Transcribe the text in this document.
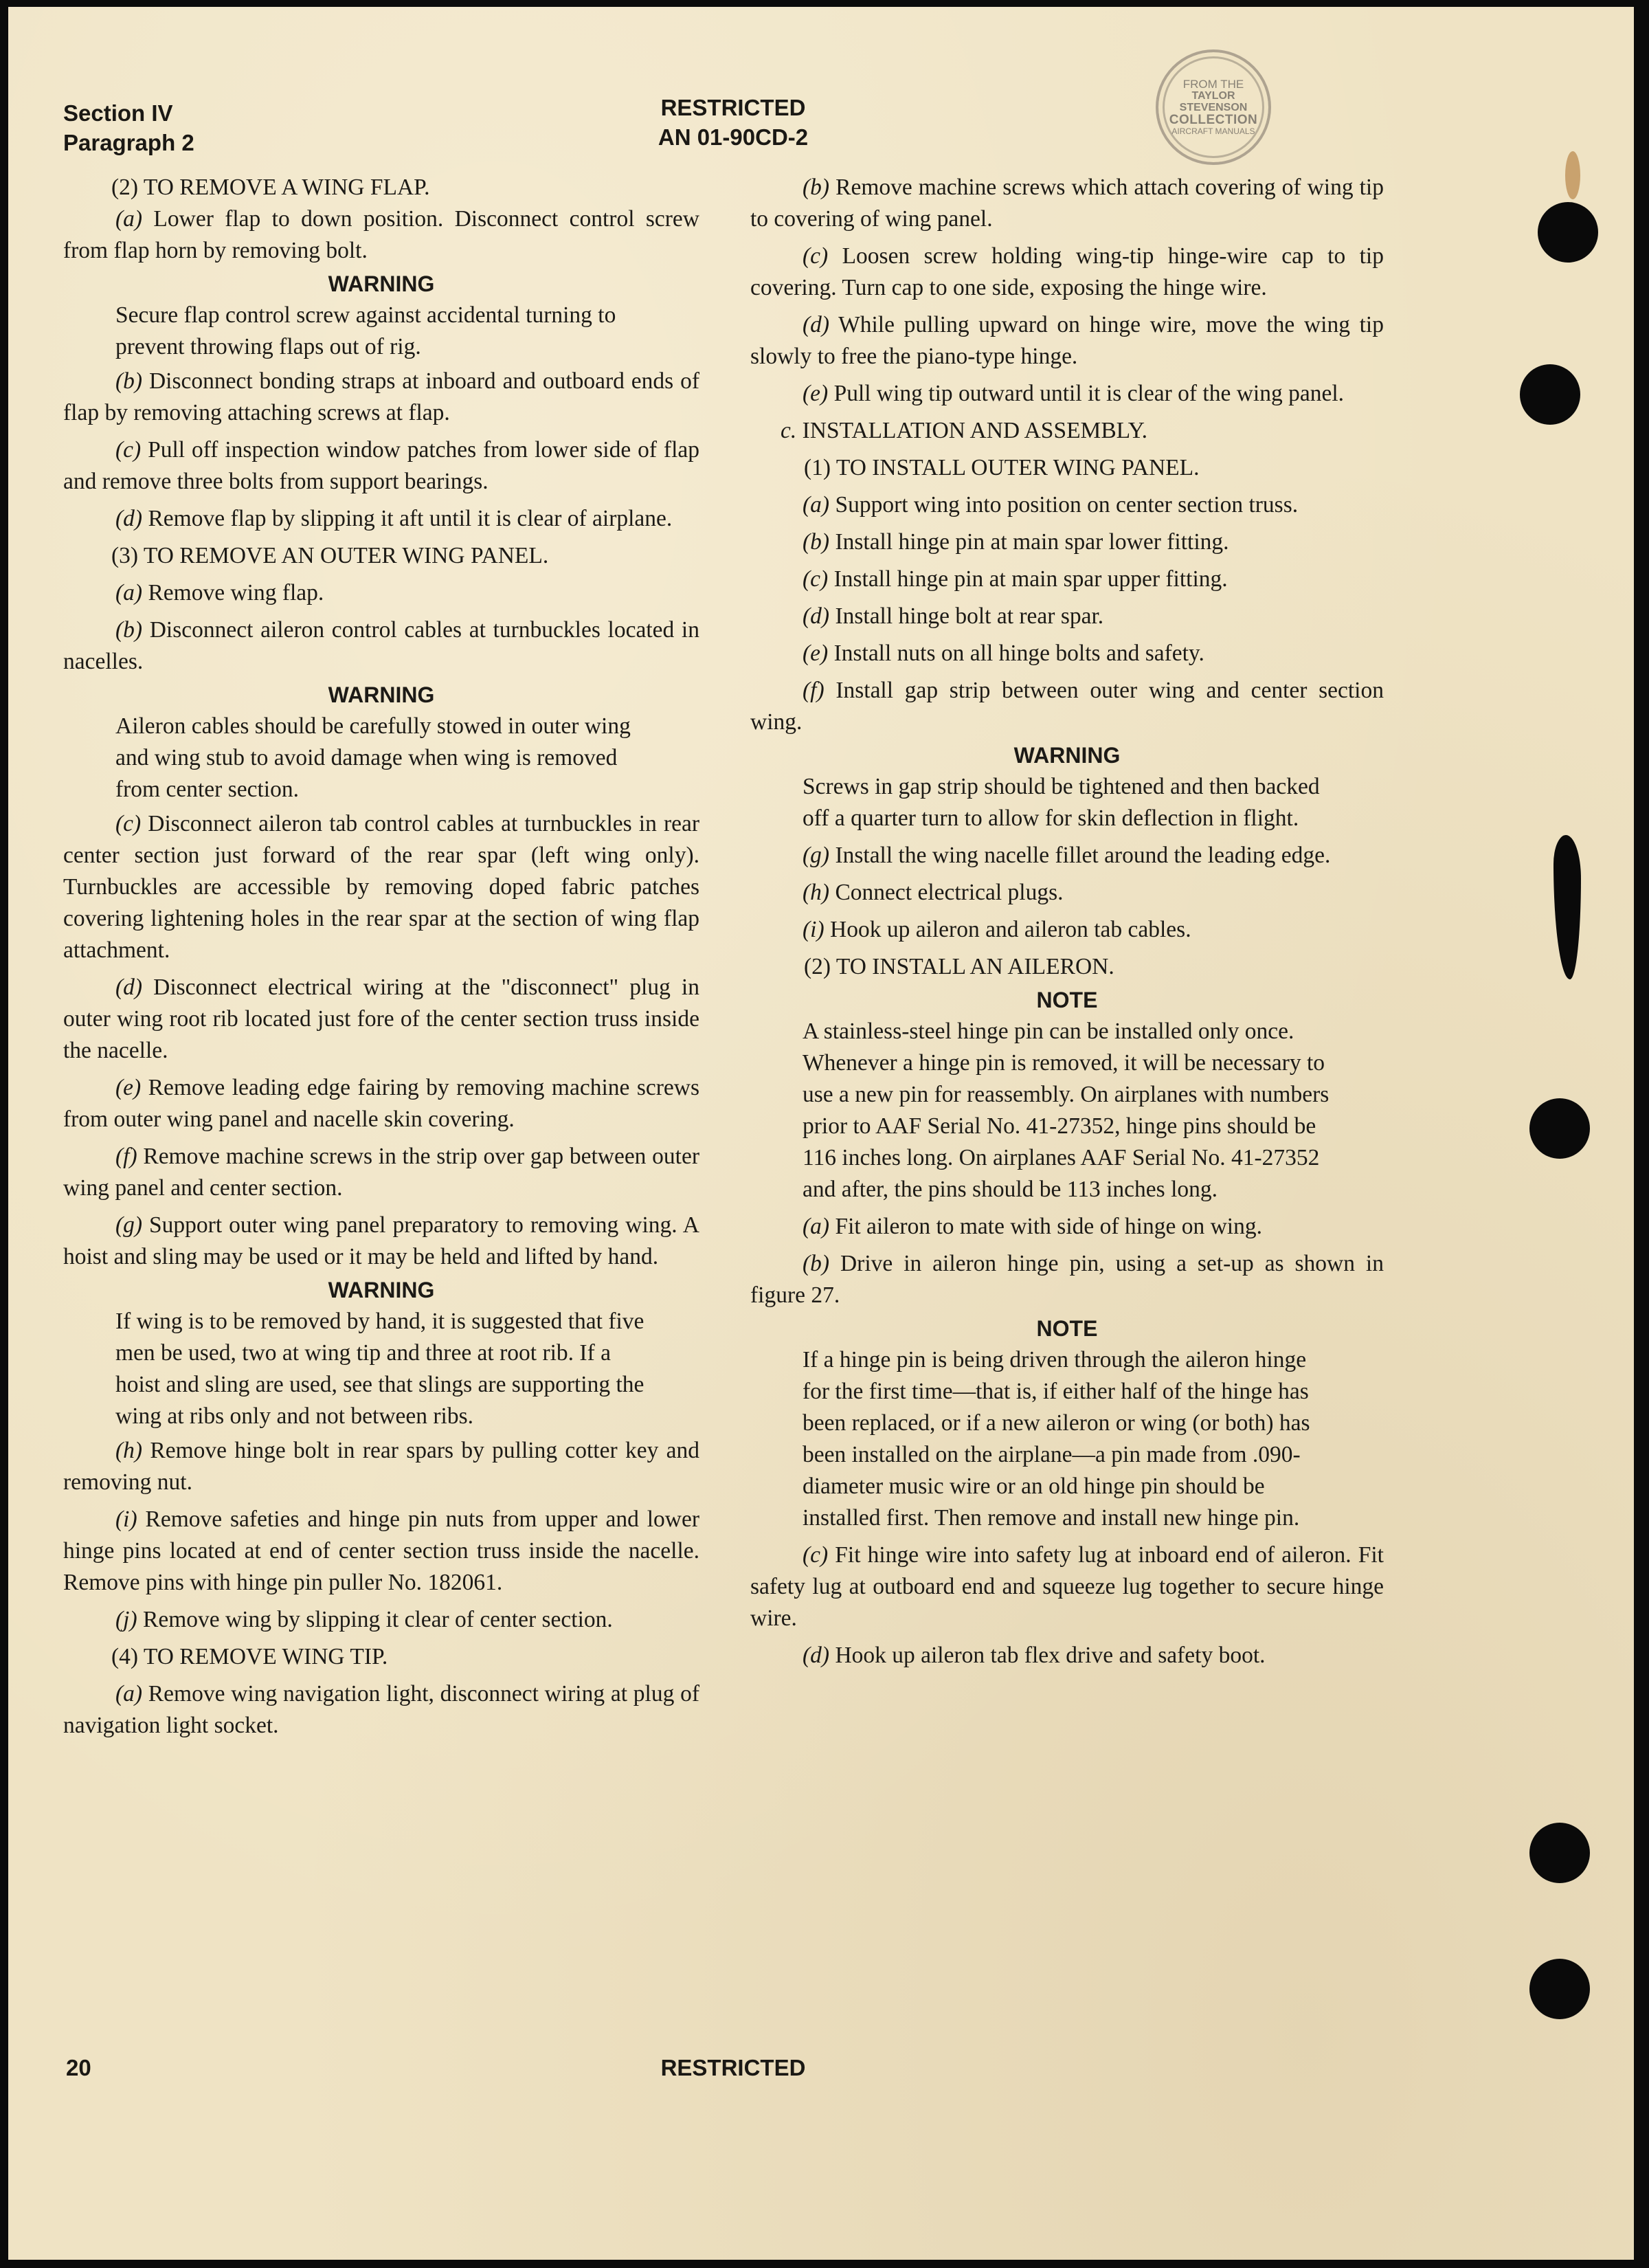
FROM THE
TAYLOR STEVENSON
COLLECTION
AIRCRAFT MANUALS
Section IV
Paragraph 2
RESTRICTED
AN 01-90CD-2

(2) TO REMOVE A WING FLAP.

(a) Lower flap to down position. Disconnect control screw from flap horn by removing bolt.

WARNING

Secure flap control screw against accidental turning to prevent throwing flaps out of rig.

(b) Disconnect bonding straps at inboard and outboard ends of flap by removing attaching screws at flap.

(c) Pull off inspection window patches from lower side of flap and remove three bolts from support bearings.

(d) Remove flap by slipping it aft until it is clear of airplane.

(3) TO REMOVE AN OUTER WING PANEL.

(a) Remove wing flap.

(b) Disconnect aileron control cables at turnbuckles located in nacelles.

WARNING

Aileron cables should be carefully stowed in outer wing and wing stub to avoid damage when wing is removed from center section.

(c) Disconnect aileron tab control cables at turnbuckles in rear center section just forward of the rear spar (left wing only). Turnbuckles are accessible by removing doped fabric patches covering lightening holes in the rear spar at the section of wing flap attachment.

(d) Disconnect electrical wiring at the "disconnect" plug in outer wing root rib located just fore of the center section truss inside the nacelle.

(e) Remove leading edge fairing by removing machine screws from outer wing panel and nacelle skin covering.

(f) Remove machine screws in the strip over gap between outer wing panel and center section.

(g) Support outer wing panel preparatory to removing wing. A hoist and sling may be used or it may be held and lifted by hand.

WARNING

If wing is to be removed by hand, it is suggested that five men be used, two at wing tip and three at root rib. If a hoist and sling are used, see that slings are supporting the wing at ribs only and not between ribs.

(h) Remove hinge bolt in rear spars by pulling cotter key and removing nut.

(i) Remove safeties and hinge pin nuts from upper and lower hinge pins located at end of center section truss inside the nacelle. Remove pins with hinge pin puller No. 182061.

(j) Remove wing by slipping it clear of center section.

(4) TO REMOVE WING TIP.

(a) Remove wing navigation light, disconnect wiring at plug of navigation light socket.

(b) Remove machine screws which attach covering of wing tip to covering of wing panel.

(c) Loosen screw holding wing-tip hinge-wire cap to tip covering. Turn cap to one side, exposing the hinge wire.

(d) While pulling upward on hinge wire, move the wing tip slowly to free the piano-type hinge.

(e) Pull wing tip outward until it is clear of the wing panel.

c. INSTALLATION AND ASSEMBLY.

(1) TO INSTALL OUTER WING PANEL.

(a) Support wing into position on center section truss.

(b) Install hinge pin at main spar lower fitting.

(c) Install hinge pin at main spar upper fitting.

(d) Install hinge bolt at rear spar.

(e) Install nuts on all hinge bolts and safety.

(f) Install gap strip between outer wing and center section wing.

WARNING

Screws in gap strip should be tightened and then backed off a quarter turn to allow for skin deflection in flight.

(g) Install the wing nacelle fillet around the leading edge.

(h) Connect electrical plugs.

(i) Hook up aileron and aileron tab cables.

(2) TO INSTALL AN AILERON.

NOTE

A stainless-steel hinge pin can be installed only once. Whenever a hinge pin is removed, it will be necessary to use a new pin for reassembly. On airplanes with numbers prior to AAF Serial No. 41-27352, hinge pins should be 116 inches long. On airplanes AAF Serial No. 41-27352 and after, the pins should be 113 inches long.

(a) Fit aileron to mate with side of hinge on wing.

(b) Drive in aileron hinge pin, using a set-up as shown in figure 27.

NOTE

If a hinge pin is being driven through the aileron hinge for the first time—that is, if either half of the hinge has been replaced, or if a new aileron or wing (or both) has been installed on the airplane—a pin made from .090-diameter music wire or an old hinge pin should be installed first. Then remove and install new hinge pin.

(c) Fit hinge wire into safety lug at inboard end of aileron. Fit safety lug at outboard end and squeeze lug together to secure hinge wire.

(d) Hook up aileron tab flex drive and safety boot.

20	RESTRICTED
